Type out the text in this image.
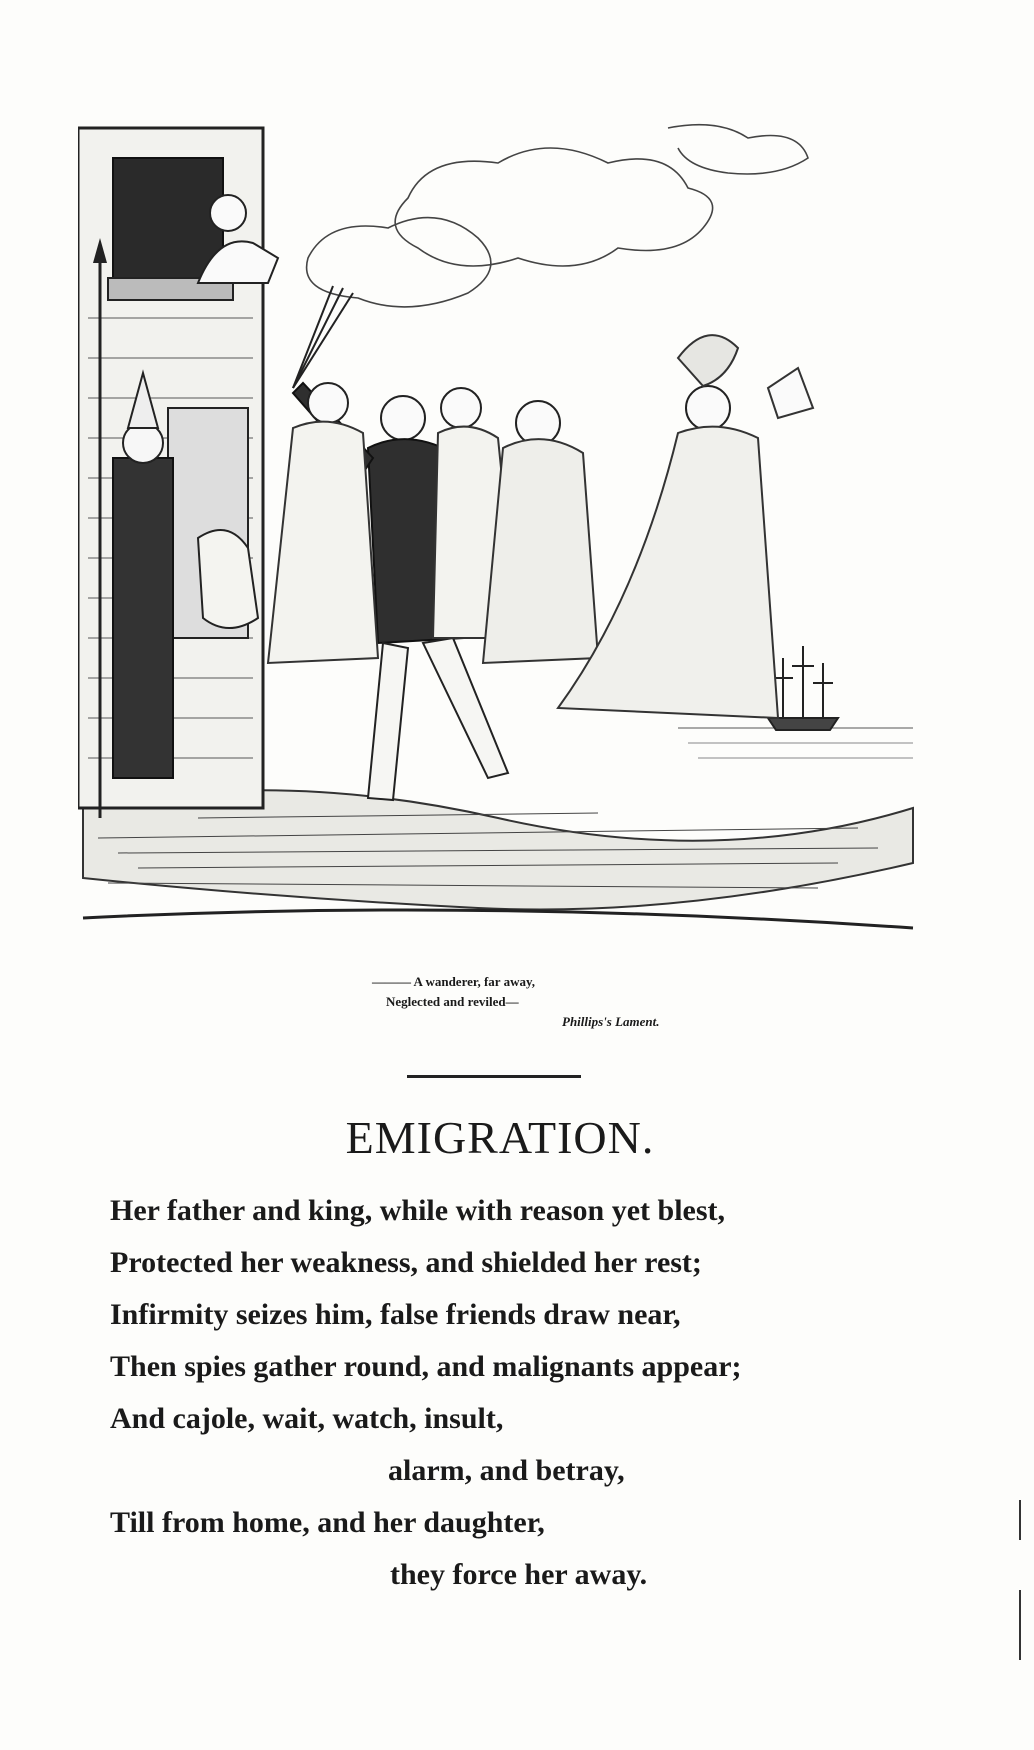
——— A wanderer, far away,
Neglected and reviled—
Phillips's Lament.
EMIGRATION.
Her father and king, while with reason yet blest,
Protected her weakness, and shielded her rest;
Infirmity seizes him, false friends draw near,
Then spies gather round, and malignants appear;
And cajole, wait, watch, insult,
alarm, and betray,
Till from home, and her daughter,
they force her away.
